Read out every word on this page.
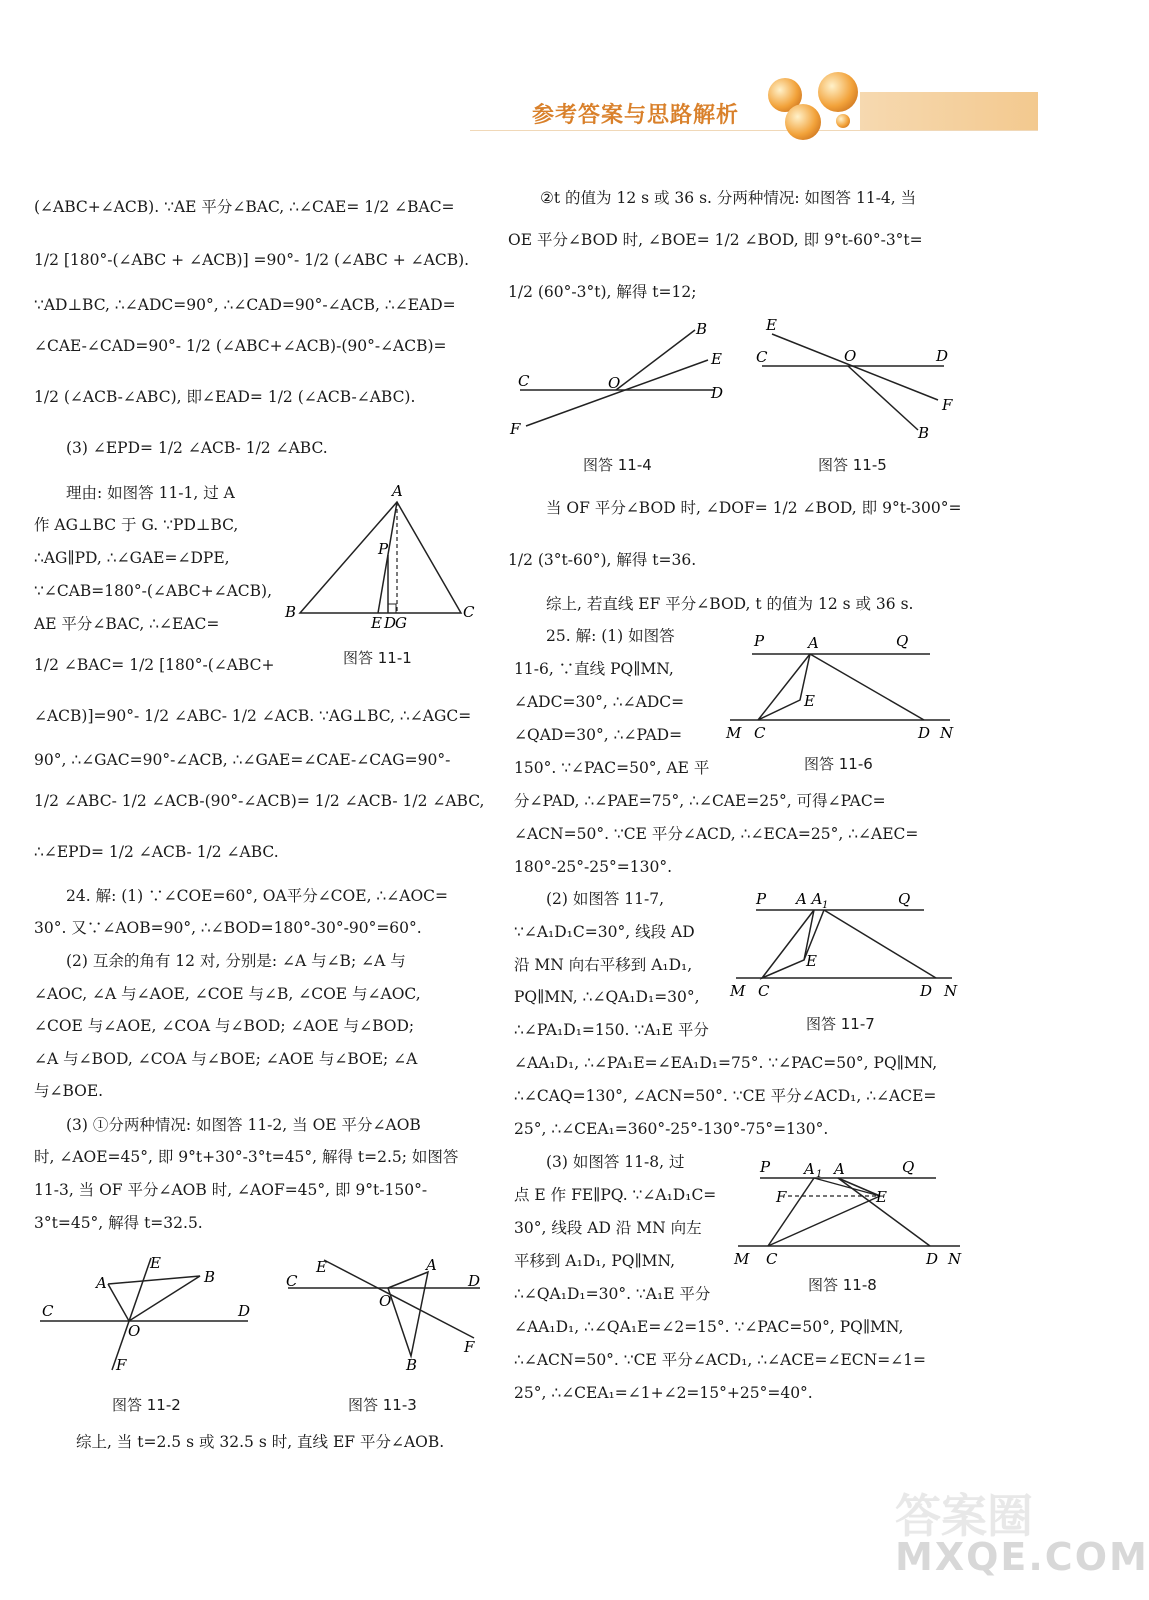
参考答案与思路解析
(∠ABC+∠ACB). ∵AE 平分∠BAC, ∴∠CAE= 1/2 ∠BAC=
1/2 [180°-(∠ABC + ∠ACB)] =90°- 1/2 (∠ABC + ∠ACB).
∵AD⊥BC, ∴∠ADC=90°, ∴∠CAD=90°-∠ACB, ∴∠EAD=
∠CAE-∠CAD=90°- 1/2 (∠ABC+∠ACB)-(90°-∠ACB)=
1/2 (∠ACB-∠ABC), 即∠EAD= 1/2 (∠ACB-∠ABC).
(3) ∠EPD= 1/2 ∠ACB- 1/2 ∠ABC.
理由: 如图答 11-1, 过 A
作 AG⊥BC 于 G. ∵PD⊥BC,
∴AG∥PD, ∴∠GAE=∠DPE,
∵∠CAB=180°-(∠ABC+∠ACB),
AE 平分∠BAC, ∴∠EAC=
1/2 ∠BAC= 1/2 [180°-(∠ABC+
∠ACB)]=90°- 1/2 ∠ABC- 1/2 ∠ACB. ∵AG⊥BC, ∴∠AGC=
90°, ∴∠GAC=90°-∠ACB, ∴∠GAE=∠CAE-∠CAG=90°-
1/2 ∠ABC- 1/2 ∠ACB-(90°-∠ACB)= 1/2 ∠ACB- 1/2 ∠ABC,
∴∠EPD= 1/2 ∠ACB- 1/2 ∠ABC.
24. 解: (1) ∵∠COE=60°, OA平分∠COE, ∴∠AOC=
30°. 又∵∠AOB=90°, ∴∠BOD=180°-30°-90°=60°.
(2) 互余的角有 12 对, 分别是: ∠A 与∠B; ∠A 与
∠AOC, ∠A 与∠AOE, ∠COE 与∠B, ∠COE 与∠AOC,
∠COE 与∠AOE, ∠COA 与∠BOD; ∠AOE 与∠BOD;
∠A 与∠BOD, ∠COA 与∠BOE; ∠AOE 与∠BOE; ∠A
与∠BOE.
(3) ①分两种情况: 如图答 11-2, 当 OE 平分∠AOB
时, ∠AOE=45°, 即 9°t+30°-3°t=45°, 解得 t=2.5; 如图答
11-3, 当 OF 平分∠AOB 时, ∠AOF=45°, 即 9°t-150°-
3°t=45°, 解得 t=32.5.
综上, 当 t=2.5 s 或 32.5 s 时, 直线 EF 平分∠AOB.
②t 的值为 12 s 或 36 s. 分两种情况: 如图答 11-4, 当
OE 平分∠BOD 时, ∠BOE= 1/2 ∠BOD, 即 9°t-60°-3°t=
1/2 (60°-3°t), 解得 t=12;
当 OF 平分∠BOD 时, ∠DOF= 1/2 ∠BOD, 即 9°t-300°=
1/2 (3°t-60°), 解得 t=36.
综上, 若直线 EF 平分∠BOD, t 的值为 12 s 或 36 s.
25. 解: (1) 如图答
11-6, ∵直线 PQ∥MN,
∠ADC=30°, ∴∠ADC=
∠QAD=30°, ∴∠PAD=
150°. ∵∠PAC=50°, AE 平
分∠PAD, ∴∠PAE=75°, ∴∠CAE=25°, 可得∠PAC=
∠ACN=50°. ∵CE 平分∠ACD, ∴∠ECA=25°, ∴∠AEC=
180°-25°-25°=130°.
(2) 如图答 11-7,
∵∠A₁D₁C=30°, 线段 AD
沿 MN 向右平移到 A₁D₁,
PQ∥MN, ∴∠QA₁D₁=30°,
∴∠PA₁D₁=150. ∵A₁E 平分
∠AA₁D₁, ∴∠PA₁E=∠EA₁D₁=75°. ∵∠PAC=50°, PQ∥MN,
∴∠CAQ=130°, ∠ACN=50°. ∵CE 平分∠ACD₁, ∴∠ACE=
25°, ∴∠CEA₁=360°-25°-130°-75°=130°.
(3) 如图答 11-8, 过
点 E 作 FE∥PQ. ∵∠A₁D₁C=
30°, 线段 AD 沿 MN 向左
平移到 A₁D₁, PQ∥MN,
∴∠QA₁D₁=30°. ∵A₁E 平分
∠AA₁D₁, ∴∠QA₁E=∠2=15°. ∵∠PAC=50°, PQ∥MN,
∴∠ACN=50°. ∵CE 平分∠ACD₁, ∴∠ACE=∠ECN=∠1=
25°, ∴∠CEA₁=∠1+∠2=15°+25°=40°.
A
P
B	C
E D
G
图答 11-1
C	D
A	B
E
O
F
图答 11-2
C	D
E	A
O
F
B
图答 11-3
C	O
B
E
D
F
图答 11-4
E
C	O	D
F
B
图答 11-5
P	A	Q
E
M C	D N
图答 11-6
P A A 1	Q
E
M C	D N
图答 11-7
P A 1 A	Q
F	E
M C	D N
图答 11-8
答案圈
MXQE.COM
